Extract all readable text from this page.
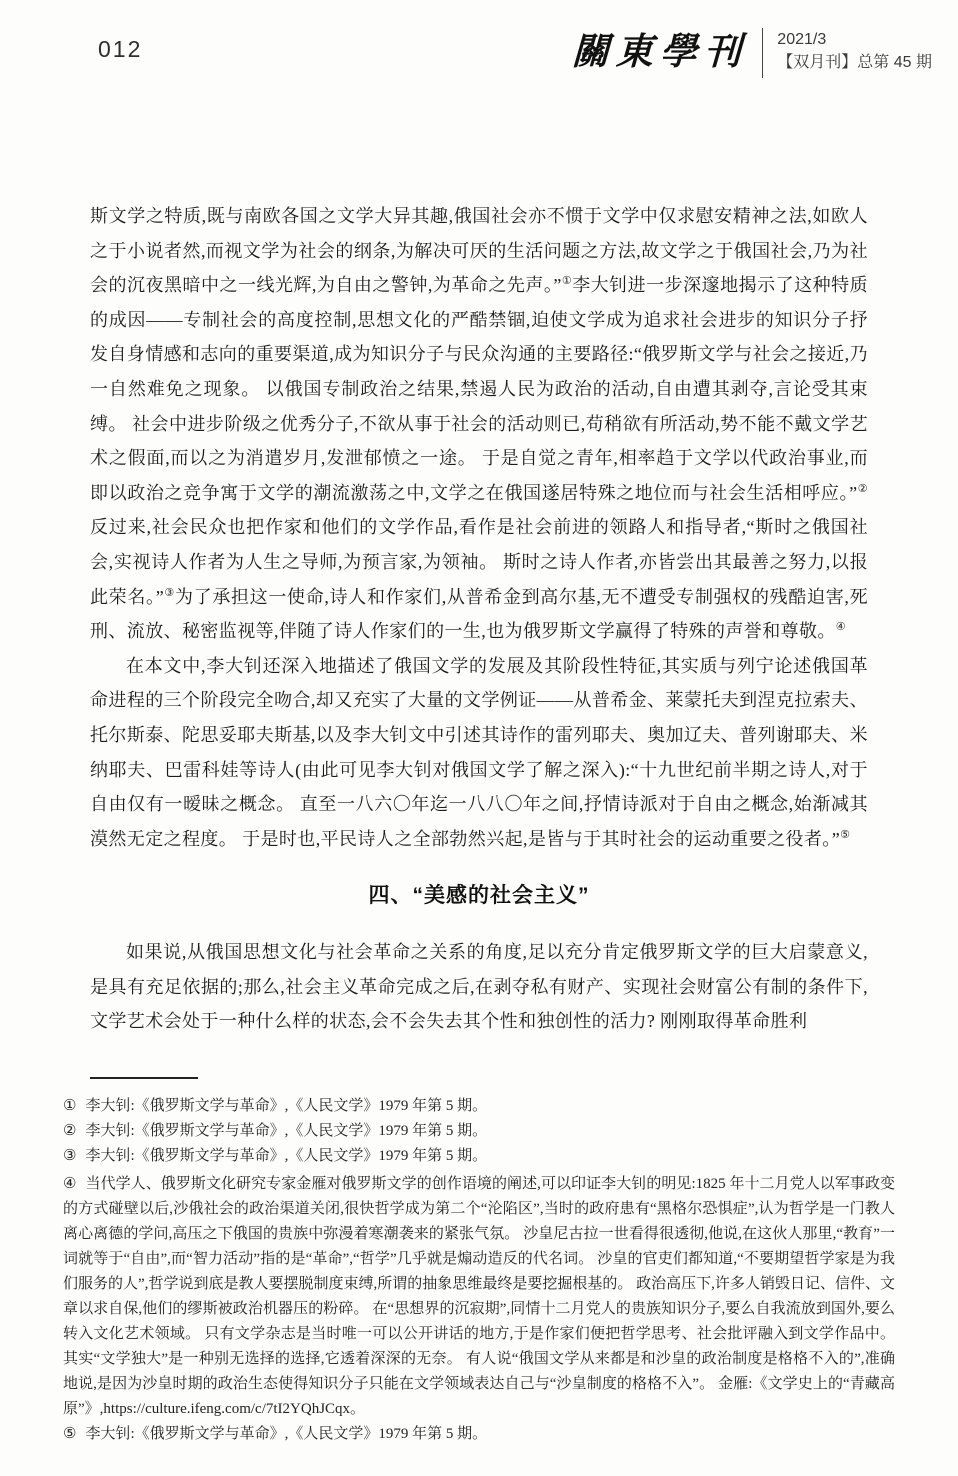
012	關東學刊 2021/3
【双月刊】总第 45 期

斯文学之特质,既与南欧各国之文学大异其趣,俄国社会亦不惯于文学中仅求慰安精神之法,如欧人之于小说者然,而视文学为社会的纲条,为解决可厌的生活问题之方法,故文学之于俄国社会,乃为社会的沉夜黑暗中之一线光辉,为自由之警钟,为革命之先声。”①李大钊进一步深邃地揭示了这种特质的成因——专制社会的高度控制,思想文化的严酷禁锢,迫使文学成为追求社会进步的知识分子抒发自身情感和志向的重要渠道,成为知识分子与民众沟通的主要路径:“俄罗斯文学与社会之接近,乃一自然难免之现象。 以俄国专制政治之结果,禁遏人民为政治的活动,自由遭其剥夺,言论受其束缚。 社会中进步阶级之优秀分子,不欲从事于社会的活动则已,苟稍欲有所活动,势不能不戴文学艺术之假面,而以之为消遣岁月,发泄郁愤之一途。 于是自觉之青年,相率趋于文学以代政治事业,而即以政治之竞争寓于文学的潮流激荡之中,文学之在俄国遂居特殊之地位而与社会生活相呼应。”②反过来,社会民众也把作家和他们的文学作品,看作是社会前进的领路人和指导者,“斯时之俄国社会,实视诗人作者为人生之导师,为预言家,为领袖。 斯时之诗人作者,亦皆尝出其最善之努力,以报此荣名。”③为了承担这一使命,诗人和作家们,从普希金到高尔基,无不遭受专制强权的残酷迫害,死刑、流放、秘密监视等,伴随了诗人作家们的一生,也为俄罗斯文学赢得了特殊的声誉和尊敬。④

在本文中,李大钊还深入地描述了俄国文学的发展及其阶段性特征,其实质与列宁论述俄国革命进程的三个阶段完全吻合,却又充实了大量的文学例证——从普希金、莱蒙托夫到涅克拉索夫、托尔斯泰、陀思妥耶夫斯基,以及李大钊文中引述其诗作的雷列耶夫、奥加辽夫、普列谢耶夫、米纳耶夫、巴雷科娃等诗人(由此可见李大钊对俄国文学了解之深入):“十九世纪前半期之诗人,对于自由仅有一暧昧之概念。 直至一八六〇年迄一八八〇年之间,抒情诗派对于自由之概念,始渐减其漠然无定之程度。 于是时也,平民诗人之全部勃然兴起,是皆与于其时社会的运动重要之役者。”⑤

四、“美感的社会主义”

如果说,从俄国思想文化与社会革命之关系的角度,足以充分肯定俄罗斯文学的巨大启蒙意义,是具有充足依据的;那么,社会主义革命完成之后,在剥夺私有财产、实现社会财富公有制的条件下,文学艺术会处于一种什么样的状态,会不会失去其个性和独创性的活力? 刚刚取得革命胜利

① 李大钊:《俄罗斯文学与革命》,《人民文学》1979 年第 5 期。

② 李大钊:《俄罗斯文学与革命》,《人民文学》1979 年第 5 期。

③ 李大钊:《俄罗斯文学与革命》,《人民文学》1979 年第 5 期。

④ 当代学人、俄罗斯文化研究专家金雁对俄罗斯文学的创作语境的阐述,可以印证李大钊的明见:1825 年十二月党人以军事政变的方式碰壁以后,沙俄社会的政治渠道关闭,很快哲学成为第二个“沦陷区”,当时的政府患有“黑格尔恐惧症”,认为哲学是一门教人离心离德的学问,高压之下俄国的贵族中弥漫着寒潮袭来的紧张气氛。 沙皇尼古拉一世看得很透彻,他说,在这伙人那里,“教育”一词就等于“自由”,而“智力活动”指的是“革命”,“哲学”几乎就是煽动造反的代名词。 沙皇的官吏们都知道,“不要期望哲学家是为我们服务的人”,哲学说到底是教人要摆脱制度束缚,所谓的抽象思维最终是要挖掘根基的。 政治高压下,许多人销毁日记、信件、文章以求自保,他们的缪斯被政治机器压的粉碎。 在“思想界的沉寂期”,同情十二月党人的贵族知识分子,要么自我流放到国外,要么转入文化艺术领域。 只有文学杂志是当时唯一可以公开讲话的地方,于是作家们便把哲学思考、社会批评融入到文学作品中。 其实“文学独大”是一种别无选择的选择,它透着深深的无奈。 有人说“俄国文学从来都是和沙皇的政治制度是格格不入的”,准确地说,是因为沙皇时期的政治生态使得知识分子只能在文学领域表达自己与“沙皇制度的格格不入”。 金雁:《文学史上的“青藏高原”》,https://culture.ifeng.com/c/7tI2YQhJCqx。

⑤ 李大钊:《俄罗斯文学与革命》,《人民文学》1979 年第 5 期。
